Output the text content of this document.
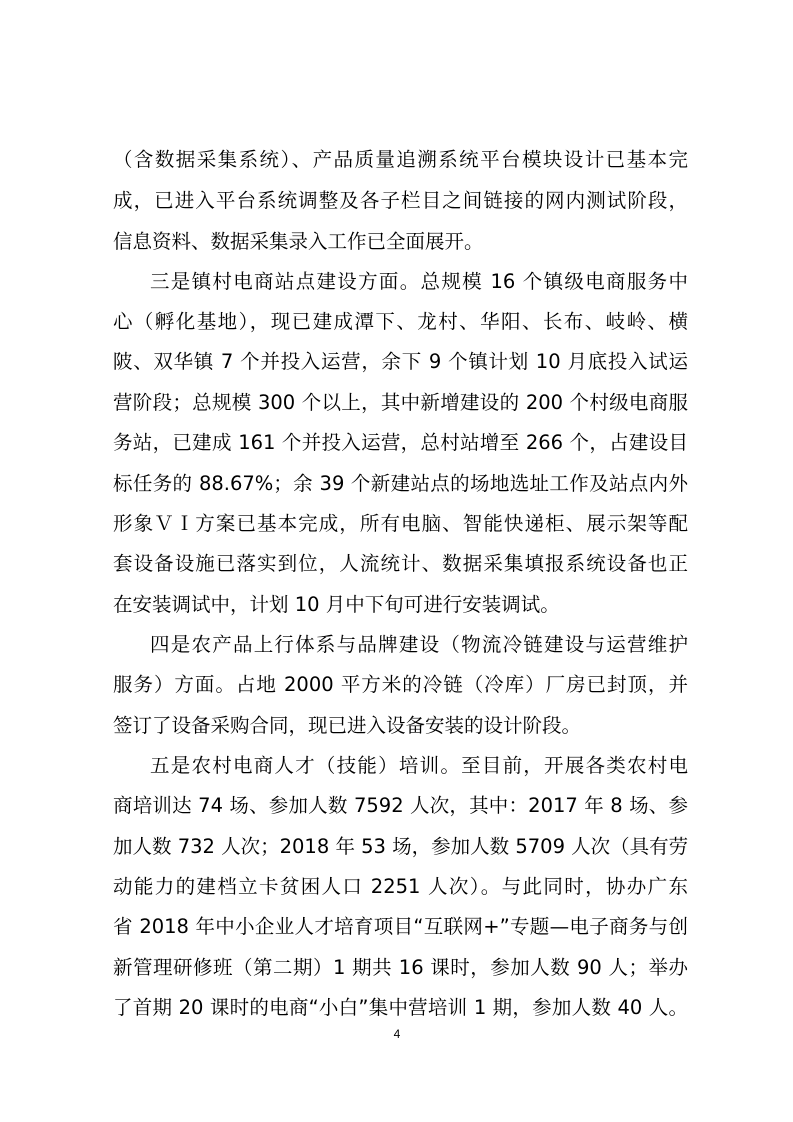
（含数据采集系统）、产品质量追溯系统平台模块设计已基本完
成，已进入平台系统调整及各子栏目之间链接的网内测试阶段，
信息资料、数据采集录入工作已全面展开。
三是镇村电商站点建设方面。总规模 16 个镇级电商服务中
心（孵化基地），现已建成潭下、龙村、华阳、长布、岐岭、横
陂、双华镇 7 个并投入运营，余下 9 个镇计划 10 月底投入试运
营阶段；总规模 300 个以上，其中新增建设的 200 个村级电商服
务站，已建成 161 个并投入运营，总村站增至 266 个，占建设目
标任务的 88.67%；余 39 个新建站点的场地选址工作及站点内外
形象ＶＩ方案已基本完成，所有电脑、智能快递柜、展示架等配
套设备设施已落实到位，人流统计、数据采集填报系统设备也正
在安装调试中，计划 10 月中下旬可进行安装调试。
四是农产品上行体系与品牌建设（物流冷链建设与运营维护
服务）方面。占地 2000 平方米的冷链（冷库）厂房已封顶，并
签订了设备采购合同，现已进入设备安装的设计阶段。
五是农村电商人才（技能）培训。至目前，开展各类农村电
商培训达 74 场、参加人数 7592 人次，其中：2017 年 8 场、参
加人数 732 人次；2018 年 53 场，参加人数 5709 人次（具有劳
动能力的建档立卡贫困人口 2251 人次）。与此同时，协办广东
省 2018 年中小企业人才培育项目“互联网+”专题—电子商务与创
新管理研修班（第二期）1 期共 16 课时，参加人数 90 人；举办
了首期 20 课时的电商“小白”集中营培训 1 期，参加人数 40 人。
4
